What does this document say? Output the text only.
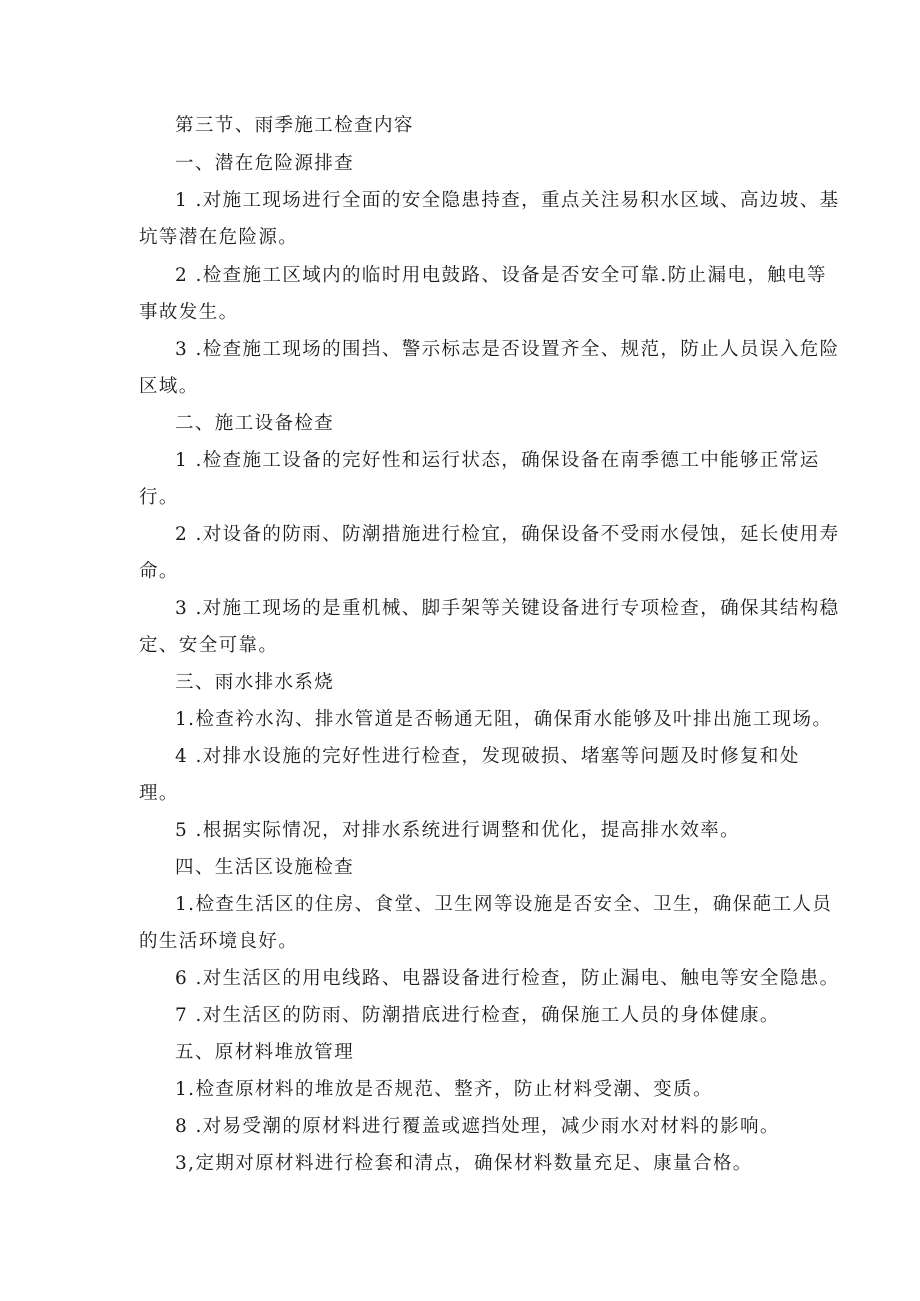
第三节、雨季施工检查内容
一、潜在危险源排查
1 .对施工现场进行全面的安全隐患持查，重点关注易积水区域、高边坡、基
坑等潜在危险源。
2 .检查施工区域内的临时用电鼓路、设备是否安全可靠.防止漏电，触电等
事故发生。
3 .检查施工现场的围挡、警示标志是否设置齐全、规范，防止人员误入危险
区域。
二、施工设备检查
1 .检查施工设备的完好性和运行状态，确保设备在南季德工中能够正常运
行。
2 .对设备的防雨、防潮措施进行检宜，确保设备不受雨水侵蚀，延长使用寿
命。
3 .对施工现场的是重机械、脚手架等关键设备进行专项检查，确保其结构稳
定、安全可靠。
三、雨水排水系烧
1.检查衿水沟、排水管道是否畅通无阻，确保甭水能够及叶排出施工现场。
4 .对排水设施的完好性进行检查，发现破损、堵塞等问题及时修复和处
理。
5 .根据实际情况，对排水系统进行调整和优化，提高排水效率。
四、生活区设施检查
1.检查生活区的住房、食堂、卫生网等设施是否安全、卫生，确保葩工人员
的生活环境良好。
6 .对生活区的用电线路、电器设备进行检查，防止漏电、触电等安全隐患。
7 .对生活区的防雨、防潮措底进行检查，确保施工人员的身体健康。
五、原材料堆放管理
1.检查原材料的堆放是否规范、整齐，防止材料受潮、变质。
8 .对易受潮的原材料进行覆盖或遮挡处理，减少雨水对材料的影响。
3,定期对原材料进行检套和清点，确保材料数量充足、康量合格。
